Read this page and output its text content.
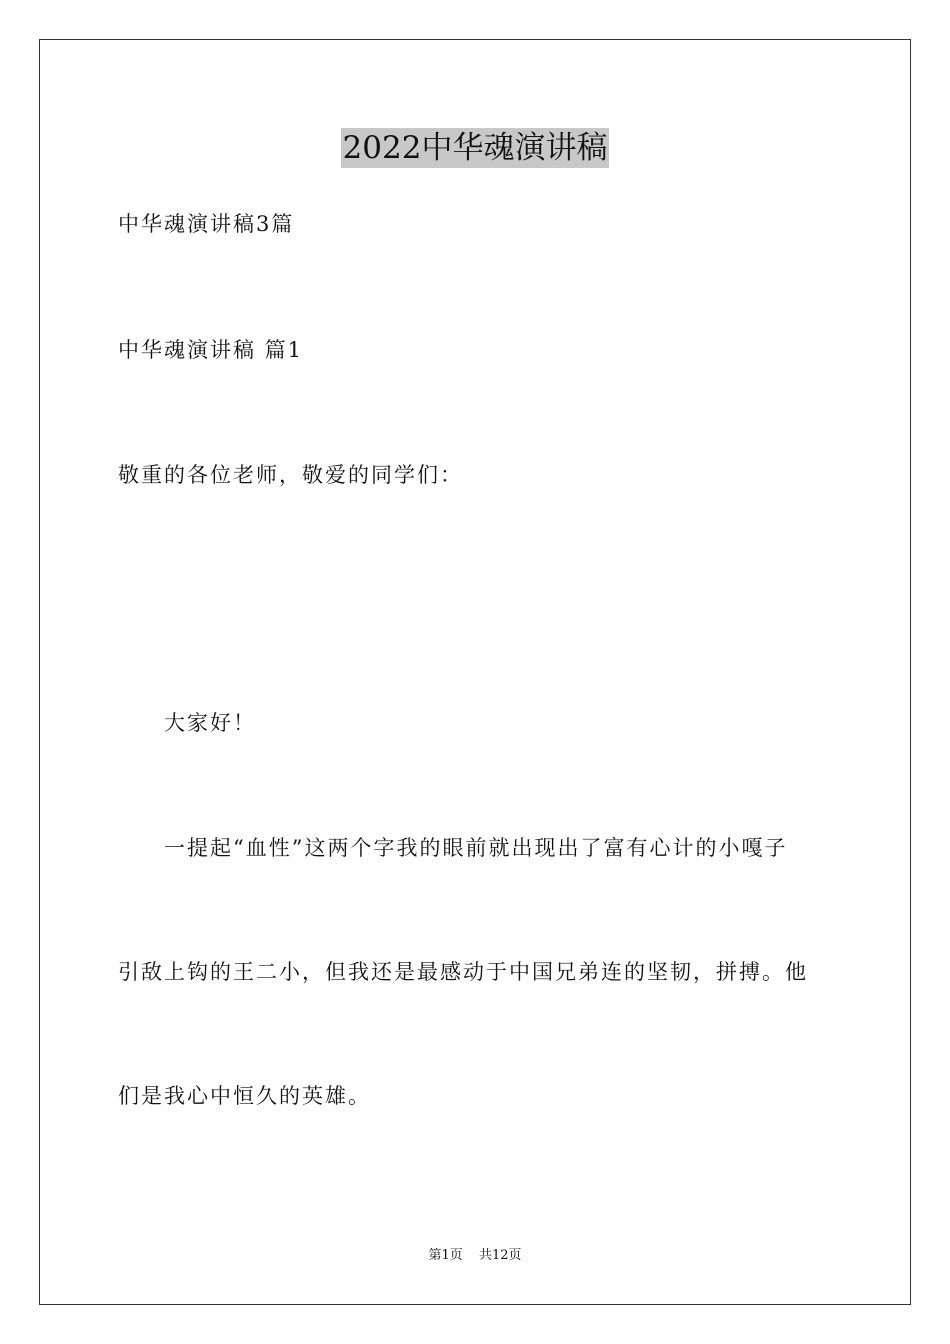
2022中华魂演讲稿
中华魂演讲稿3篇
中华魂演讲稿 篇1
敬重的各位老师，敬爱的同学们：
大家好！
一提起“血性”这两个字我的眼前就出现出了富有心计的小嘎子
引敌上钩的王二小，但我还是最感动于中国兄弟连的坚韧，拼搏。他
们是我心中恒久的英雄。
第1页 共12页
